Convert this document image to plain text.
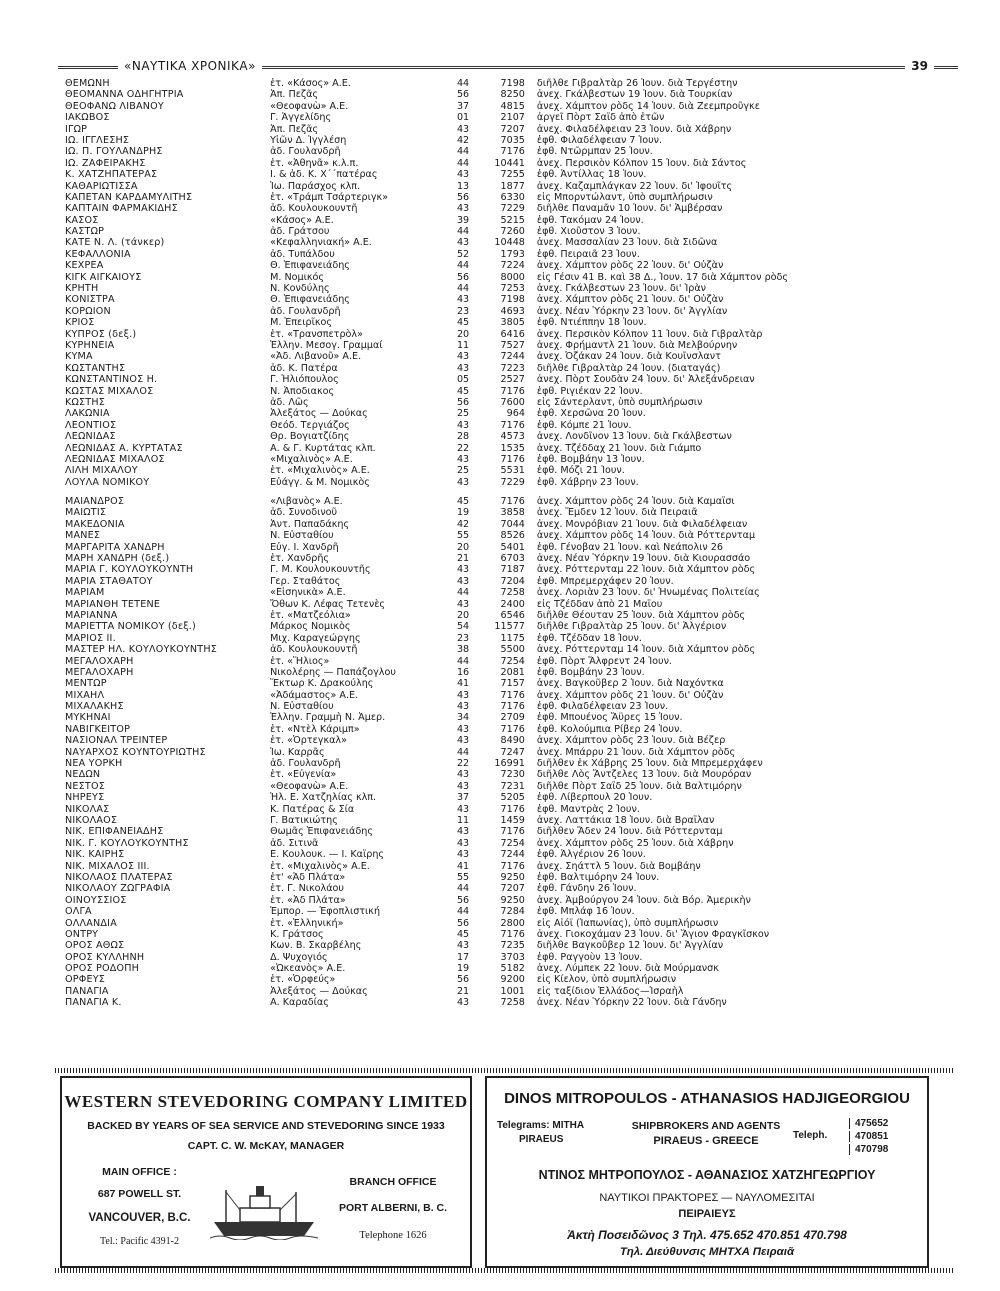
«ΝΑΥΤΙΚΑ ΧΡΟΝΙΚΑ»	39
ΘΕΜΩΝΗ	ἑτ. «Κάσος» Α.Ε.	44	7198	διῆλθε Γιβραλτὰρ 26 Ἰουν. διὰ Τεργέστην
ΘΕΟΜΑΝΝΑ ΟΔΗΓΗΤΡΙΑ	Ἀπ. Πεζᾶς	56	8250	ἀνεχ. Γκάλβεστων 19 Ἰουν. διὰ Τουρκίαν
ΘΕΟΦΑΝΩ ΛΙΒΑΝΟΥ	«Θεοφανὼ» Α.Ε.	37	4815	ἀνεχ. Χάμπτον ρὸδς 14 Ἰουν. διὰ Ζεεμπροῦγκε
ΙΑΚΩΒΟΣ	Γ. Ἀγγελίδης	01	2107	ἀργεῖ Πὸρτ Σαΐδ ἀπὸ ἐτῶν
ΙΓΩΡ	Ἀπ. Πεζᾶς	43	7207	ἀνεχ. Φιλαδέλφειαν 23 Ἰουν. διὰ Χάβρην
ΙΩ. ΙΓΓΛΕΣΗΣ	Υἱῶν Δ. Ἰγγλέση	42	7035	ἐφθ. Φιλαδέλφειαν 7 Ἰουν.
ΙΩ. Π. ΓΟΥΛΑΝΔΡΗΣ	ἀδ. Γουλανδρῆ	44	7176	ἐφθ. Ντῶρμπαν 25 Ἰουν.
ΙΩ. ΖΑΦΕΙΡΑΚΗΣ	ἑτ. «Ἀθηνᾶ» κ.λ.π.	44	10441	ἀνεχ. Περσικὸν Κόλπον 15 Ἰουν. διὰ Σάντος
Κ. ΧΑΤΖΗΠΑΤΕΡΑΣ	Ι. & ἀδ. Κ. Χ΄΄πατέρας	43	7255	ἐφθ. Ἀντίλλας 18 Ἰουν.
ΚΑΘΑΡΙΩΤΙΣΣΑ	Ἰω. Παράσχος κλπ.	13	1877	ἀνεχ. Καζαμπλάγκαν 22 Ἰουν. δι' Ἰφουῖτς
ΚΑΠΕΤΑΝ ΚΑΡΔΑΜΥΛΙΤΗΣ	ἑτ. «Τράμπ Τσάρτεριγκ»	56	6330	εἰς Μπορντώλαντ, ὑπὸ συμπλήρωσιν
ΚΑΠΤΑΙΝ ΦΑΡΜΑΚΙΔΗΣ	ἀδ. Κουλουκουντῆ	43	7229	διῆλθε Παναμᾶν 10 Ἰουν. δι' Ἀμβέρσαν
ΚΑΣΟΣ	«Κάσος» Α.Ε.	39	5215	ἐφθ. Τακόμαν 24 Ἰουν.
ΚΑΣΤΩΡ	ἀδ. Γράτσου	44	7260	ἐφθ. Χιοῦστον 3 Ἰουν.
ΚΑΤΕ Ν. Λ. (τάνκερ)	«Κεφαλληνιακή» Α.Ε.	43	10448	ἀνεχ. Μασσαλίαν 23 Ἰουν. διὰ Σιδῶνα
ΚΕΦΑΛΛΟΝΙΑ	ἀδ. Τυπάλδου	52	1793	ἐφθ. Πειραιᾶ 23 Ἰουν.
ΚΕΧΡΕΑ	Θ. Ἐπιφανειάδης	44	7224	ἀνεχ. Χάμπτον ρὸδς 22 Ἰουν. δι' Οὐζὰν
ΚΙΓΚ ΑΙΓΚΑΙΟΥΣ	Μ. Νομικός	56	8000	εἰς Γέσιν 41 Β. καὶ 38 Δ., Ἰουν. 17 διὰ Χάμπτον ρὸδς
ΚΡΗΤΗ	Ν. Κονδύλης	44	7253	ἀνεχ. Γκάλβεστων 23 Ἰουν. δι' Ἰρὰν
ΚΟΝΙΣΤΡΑ	Θ. Ἐπιφανειάδης	43	7198	ἀνεχ. Χάμπτον ρὸδς 21 Ἰουν. δι' Οὐζὰν
ΚΟΡΩΙΟΝ	ἀδ. Γουλανδρῆ	23	4693	ἀνεχ. Νέαν Ὑόρκην 23 Ἰουν. δι' Ἀγγλίαν
ΚΡΙΟΣ	Μ. Ἐπειρῖκος	45	3805	ἐφθ. Ντιέππην 18 Ἰουν.
ΚΥΠΡΟΣ (δεξ.)	ἑτ. «Τρανσπετρὸλ»	20	6416	ἀνεχ. Περσικὸν Κόλπον 11 Ἰουν. διὰ Γιβραλτὰρ
ΚΥΡΗΝΕΙΑ	Ἑλλην. Μεσογ. Γραμμαί	11	7527	ἀνεχ. Φρήμαντλ 21 Ἰουν. διὰ Μελβούρνην
ΚΥΜΑ	«Ἀδ. Λιβανοῦ» Α.Ε.	43	7244	ἀνεχ. Ὀζάκαν 24 Ἰουν. διὰ Κουῖνσλαντ
ΚΩΣΤΑΝΤΗΣ	ἀδ. Κ. Πατέρα	43	7223	διῆλθε Γιβραλτὰρ 24 Ἰουν. (διαταγάς)
ΚΩΝΣΤΑΝΤΙΝΟΣ Η.	Γ. Ἡλιόπουλος	05	2527	ἀνεχ. Πὸρτ Σουδὰν 24 Ἰουν. δι' Ἀλεξάνδρειαν
ΚΩΣΤΑΣ ΜΙΧΑΛΟΣ	Ν. Ἀποδιακος	45	7176	ἐφθ. Ριγιέκαν 22 Ἰουν.
ΚΩΣΤΗΣ	ἀδ. Λῶς	56	7600	εἰς Σάντερλαντ, ὑπὸ συμπλήρωσιν
ΛΑΚΩΝΙΑ	Ἀλεξάτος — Δούκας	25	964	ἐφθ. Χερσῶνα 20 Ἰουν.
ΛΕΟΝΤΙΟΣ	Θεόδ. Τεργιάζος	43	7176	ἐφθ. Κόμπε 21 Ἰουν.
ΛΕΩΝΙΔΑΣ	Θρ. Βογιατζίδης	28	4573	ἀνεχ. Λονδῖνον 13 Ἰουν. διὰ Γκάλβεστων
ΛΕΩΝΙΔΑΣ Α. ΚΥΡΤΑΤΑΣ	Α. & Γ. Κυρτάτας κλπ.	22	1535	ἀνεχ. Τζέδδαχ 21 Ἰουν. διὰ Γιάμπο
ΛΕΩΝΙΔΑΣ ΜΙΧΑΛΟΣ	«Μιχαλινὸς» Α.Ε.	43	7176	ἐφθ. Βομβάην 13 Ἰουν.
ΛΙΛΗ ΜΙΧΑΛΟΥ	ἑτ. «Μιχαλινὸς» Α.Ε.	25	5531	ἐφθ. Μόζι 21 Ἰουν.
ΛΟΥΛΑ ΝΟΜΙΚΟΥ	Εὐάγγ. & Μ. Νομικὸς	43	7229	ἐφθ. Χάβρην 23 Ἰουν.
ΜΑΙΑΝΔΡΟΣ	«Λιβανὸς» Α.Ε.	45	7176	ἀνεχ. Χάμπτον ρὸδς 24 Ἰουν. διὰ Καμαΐσι
ΜΑΙΩΤΙΣ	ἀδ. Συνοδινοῦ	19	3858	ἀνεχ. Ἔμδεν 12 Ἰουν. διὰ Πειραιᾶ
ΜΑΚΕΔΟΝΙΑ	Ἀντ. Παπαδάκης	42	7044	ἀνεχ. Μονρόβιαν 21 Ἰουν. διὰ Φιλαδέλφειαν
ΜΑΝΕΣ	Ν. Εὐσταθίου	55	8526	ἀνεχ. Χάμπτον ρὸδς 14 Ἰουν. διὰ Ρόττερνταμ
ΜΑΡΓΑΡΙΤΑ ΧΑΝΔΡΗ	Εὐγ. Ι. Χανδρῆ	20	5401	ἐφθ. Γένοβαν 21 Ἰουν. καὶ Νεάπολιν 26
ΜΑΡΗ ΧΑΝΔΡΗ (δεξ.)	ἑτ. Χανδρῆς	21	6703	ἀνεχ. Νέαν Ὑόρκην 19 Ἰουν. διὰ Κιουρασσάο
ΜΑΡΙΑ Γ. ΚΟΥΛΟΥΚΟΥΝΤΗ	Γ. Μ. Κουλουκουντῆς	43	7187	ἀνεχ. Ρόττερνταμ 22 Ἰουν. διὰ Χάμπτον ρὸδς
ΜΑΡΙΑ ΣΤΑΘΑΤΟΥ	Γερ. Σταθάτος	43	7204	ἐφθ. Μπρεμερχάφεν 20 Ἰουν.
ΜΑΡΙΑΜ	«Εἰσηνικὰ» Α.Ε.	44	7258	ἀνεχ. Λοριὰν 23 Ἰουν. δι' Ἡνωμένας Πολιτείας
ΜΑΡΙΑΝΘΗ ΤΕΤΕΝΕ	Ὄθων Κ. Λέφας Τετενὲς	43	2400	εἰς Τζέδδαν ἀπὸ 21 Μαΐου
ΜΑΡΙΑΝΝΑ	ἑτ. «Ματζεόλια»	20	6546	διῆλθε Θέουταν 25 Ἰουν. διὰ Χάμπτον ρὸδς
ΜΑΡΙΕΤΤΑ ΝΟΜΙΚΟΥ (δεξ.)	Μάρκος Νομικὸς	54	11577	διῆλθε Γιβραλτὰρ 25 Ἰουν. δι' Ἀλγέριον
ΜΑΡΙΟΣ ΙΙ.	Μιχ. Καραγεώργης	23	1175	ἐφθ. Τζέδδαν 18 Ἰουν.
ΜΑΣΤΕΡ ΗΛ. ΚΟΥΛΟΥΚΟΥΝΤΗΣ	ἀδ. Κουλουκουντῆ	38	5500	ἀνεχ. Ρόττερνταμ 14 Ἰουν. διὰ Χάμπτον ρὸδς
ΜΕΓΑΛΟΧΑΡΗ	ἑτ. «Ἥλιος»	44	7254	ἐφθ. Πὸρτ Ἄλφρεντ 24 Ἰουν.
ΜΕΓΑΛΟΧΑΡΗ	Νικολέρης — Παπάζογλου	16	2081	ἐφθ. Βομβάην 23 Ἰουν.
ΜΕΝΤΩΡ	Ἕκτωρ Κ. Δρακούλης	41	7157	ἀνεχ. Βαγκοῦβερ 2 Ἰουν. διὰ Ναχόντκα
ΜΙΧΑΗΛ	«Ἀδάμαστος» Α.Ε.	43	7176	ἀνεχ. Χάμπτον ρὸδς 21 Ἰουν. δι' Οὐζὰν
ΜΙΧΑΛΑΚΗΣ	Ν. Εὐσταθίου	43	7176	ἐφθ. Φιλαδέλφειαν 23 Ἰουν.
ΜΥΚΗΝΑΙ	Ἑλλην. Γραμμὴ Ν. Ἀμερ.	34	2709	ἐφθ. Μπουένος Ἄϋρες 15 Ἰουν.
ΝΑΒΙΓΚΕΙΤΟΡ	ἑτ. «Ντὲλ Κάριμπ»	43	7176	ἐφθ. Κολούμπια Ρίβερ 24 Ἰουν.
ΝΑΣΙΟΝΑΛ ΤΡΕΙΝΤΕΡ	ἑτ. «Ὀρτεγκαλ»	43	8490	ἀνεχ. Χάμπτον ρὸδς 23 Ἰουν. διὰ Βέζερ
ΝΑΥΑΡΧΟΣ ΚΟΥΝΤΟΥΡΙΩΤΗΣ	Ἰω. Καρρᾶς	44	7247	ἀνεχ. Μπάρρυ 21 Ἰουν. διὰ Χάμπτον ρὸδς
ΝΕΑ ΥΟΡΚΗ	ἀδ. Γουλανδρῆ	22	16991	διῆλθεν ἐκ Χάβρης 25 Ἰουν. διὰ Μπρεμερχάφεν
ΝΕΔΩΝ	ἑτ. «Εὐγενία»	43	7230	διῆλθε Λὸς Ἄντζελες 13 Ἰουν. διὰ Μουρόραν
ΝΕΣΤΟΣ	«Θεοφανὼ» Α.Ε.	43	7231	διῆλθε Πὸρτ Σαΐδ 25 Ἰουν. διὰ Βαλτιμόρην
ΝΗΡΕΥΣ	Ἠλ. Ε. Χατζηλίας κλπ.	37	5205	ἐφθ. Λίβερπουλ 20 Ἰουν.
ΝΙΚΟΛΑΣ	Κ. Πατέρας & Σία	43	7176	ἐφθ. Μαντρὰς 2 Ἰουν.
ΝΙΚΟΛΑΟΣ	Γ. Βατικιώτης	11	1459	ἀνεχ. Λαττάκια 18 Ἰουν. διὰ Βραΐλαν
ΝΙΚ. ΕΠΙΦΑΝΕΙΑΔΗΣ	Θωμᾶς Ἐπιφανειάδης	43	7176	διῆλθεν Ἄδεν 24 Ἰουν. διὰ Ρόττερνταμ
ΝΙΚ. Γ. ΚΟΥΛΟΥΚΟΥΝΤΗΣ	ἀδ. Σιτινᾶ	43	7254	ἀνεχ. Χάμπτον ρὸδς 25 Ἰουν. διὰ Χάβρην
ΝΙΚ. ΚΑΙΡΗΣ	Ε. Κουλουκ. — Ι. Καΐρης	43	7244	ἐφθ. Ἀλγέριον 26 Ἰουν.
ΝΙΚ. ΜΙΧΑΛΟΣ ΙΙΙ.	ἑτ. «Μιχαλινὸς» Α.Ε.	41	7176	ἀνεχ. Σηάττλ 5 Ἰουν. διὰ Βομβάην
ΝΙΚΟΛΑΟΣ ΠΛΑΤΕΡΑΣ	ἑτ' «Ἀδ Πλάτα»	55	9250	ἐφθ. Βαλτιμόρην 24 Ἰουν.
ΝΙΚΟΛΑΟΥ ΖΩΓΡΑΦΙΑ	ἑτ. Γ. Νικολάου	44	7207	ἐφθ. Γάνδην 26 Ἰουν.
ΟΙΝΟΥΣΣΙΟΣ	ἑτ. «Ἀδ Πλάτα»	56	9250	ἀνεχ. Ἀμβούργον 24 Ἰουν. διὰ Βόρ. Ἀμερικὴν
ΟΛΓΑ	Ἐμπορ. — Ἐφοπλιστική	44	7284	ἐφθ. Μπλάφ 16 Ἰουν.
ΟΛΛΑΝΔΙΑ	ἑτ. «Ἑλληνική»	56	2800	εἰς Αἰόϊ (Ἰαπωνίας), ὑπὸ συμπλήρωσιν
ΟΝΤΡΥ	Κ. Γράτσος	45	7176	ἀνεχ. Γιοκοχάμαν 23 Ἰουν. δι' Ἅγιον Φραγκῖσκον
ΟΡΟΣ ΑΘΩΣ	Κων. Β. Σκαρβέλης	43	7235	διῆλθε Βαγκοῦβερ 12 Ἰουν. δι' Ἀγγλίαν
ΟΡΟΣ ΚΥΛΛΗΝΗ	Δ. Ψυχογιός	17	3703	ἐφθ. Ραγγοὺν 13 Ἰουν.
ΟΡΟΣ ΡΟΔΟΠΗ	«Ὠκεανὸς» Α.Ε.	19	5182	ἀνεχ. Λύμπεκ 22 Ἰουν. διὰ Μούρμανσκ
ΟΡΦΕΥΣ	ἑτ. «Ὀρφεύς»	56	9200	εἰς Κίελον, ὑπὸ συμπλήρωσιν
ΠΑΝΑΓΙΑ	Ἀλεξάτος — Δούκας	21	1001	εἰς ταξίδιον Ἑλλάδος—Ἰσραὴλ
ΠΑΝΑΓΙΑ Κ.	Α. Καραδίας	43	7258	ἀνεχ. Νέαν Ὑόρκην 22 Ἰουν. διὰ Γάνδην
WESTERN STEVEDORING COMPANY LIMITED
BACKED BY YEARS OF SEA SERVICE AND STEVEDORING SINCE 1933
CAPT. C. W. McKAY, MANAGER
MAIN OFFICE :
687 POWELL ST.
VANCOUVER, B.C.
Tel.: Pacific 4391-2
BRANCH OFFICE
PORT ALBERNI, B. C.
Telephone 1626
DINOS MITROPOULOS - ATHANASIOS HADJIGEORGIOU
Telegrams: MITHA
PIRAEUS
SHIPBROKERS AND AGENTS
PIRAEUS - GREECE	Teleph.
475652
470851
470798
ΝΤΙΝΟΣ ΜΗΤΡΟΠΟΥΛΟΣ - ΑΘΑΝΑΣΙΟΣ ΧΑΤΖΗΓΕΩΡΓΙΟΥ
ΝΑΥΤΙΚΟΙ ΠΡΑΚΤΟΡΕΣ — ΝΑΥΛΟΜΕΣΙΤΑΙ
ΠΕΙΡΑΙΕΥΣ
Ἀκτὴ Ποσειδῶνος 3 Τηλ. 475.652 470.851 470.798
Τηλ. Διεύθυνσις ΜΗΤΧΑ Πειραιᾶ
